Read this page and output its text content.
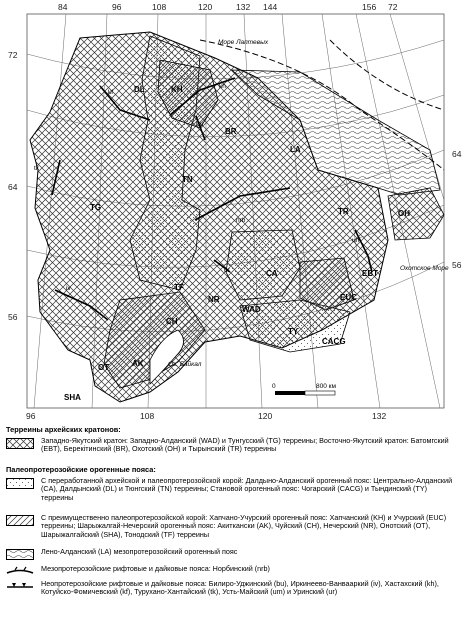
0	800 км
Море Лаптевых
Охотское Море
Оз. Байкал
84	96	108	120	132 144	156 72
96	108	120	132
72
64
56
64
56
DL	KH
kf
kh
bu
BR
TN
LA
TG
tk
nrb
TR	OH
um
CA
ur
TF
NR
WAD
EBT
EUC
TY
CACG
CH
iv
AK
OT
SHA
Терреины архейских кратонов:
Западно-Якутский кратон: Западно-Алданский (WAD) и Тунгусский (TG) терреины; Восточно-Якутский кратон: Батомгский (EBT), Берекітинский (BR), Охотский (OH) и Тырынский (TR) терреины
Палеопротерозойские орогенные пояса:
С переработанной архейской и палеопротерозойской корой: Далдыно-Алданский орогенный пояс: Центрально-Алданский (CA), Далдынский (DL) и Тюнгский (TN) терреины; Становой орогенный пояс: Чогарский (CACG) и Тындинский (TY) терреины
С преимущественно палеопротерозойской корой: Хапчано-Учурский орогенный пояс: Хапчанский (KH) и Учурский (EUC) терреины; Шарыжалгай-Нечерский орогенный пояс: Акиткански (AK), Чуйский (CH), Нечерский (NR), Онотский (OT), Шарыжалгайский (SHA), Тонодский (TF) терреины
Лено-Алданский (LA) мезопротерозойский орогенный пояс
Мезопротерозойские рифтовые и дайковые пояса: Норбинский (nrb)
Неопротерозойские рифтовые и дайковые пояса: Билиро-Уджинский (bu), Иркинеево-Ванвааркий (iv), Хастахский (kh), Котуйско-Фомичевский (kf), Турухано-Хантайский (tk), Усть-Майский (um) и Уринский (ur)
